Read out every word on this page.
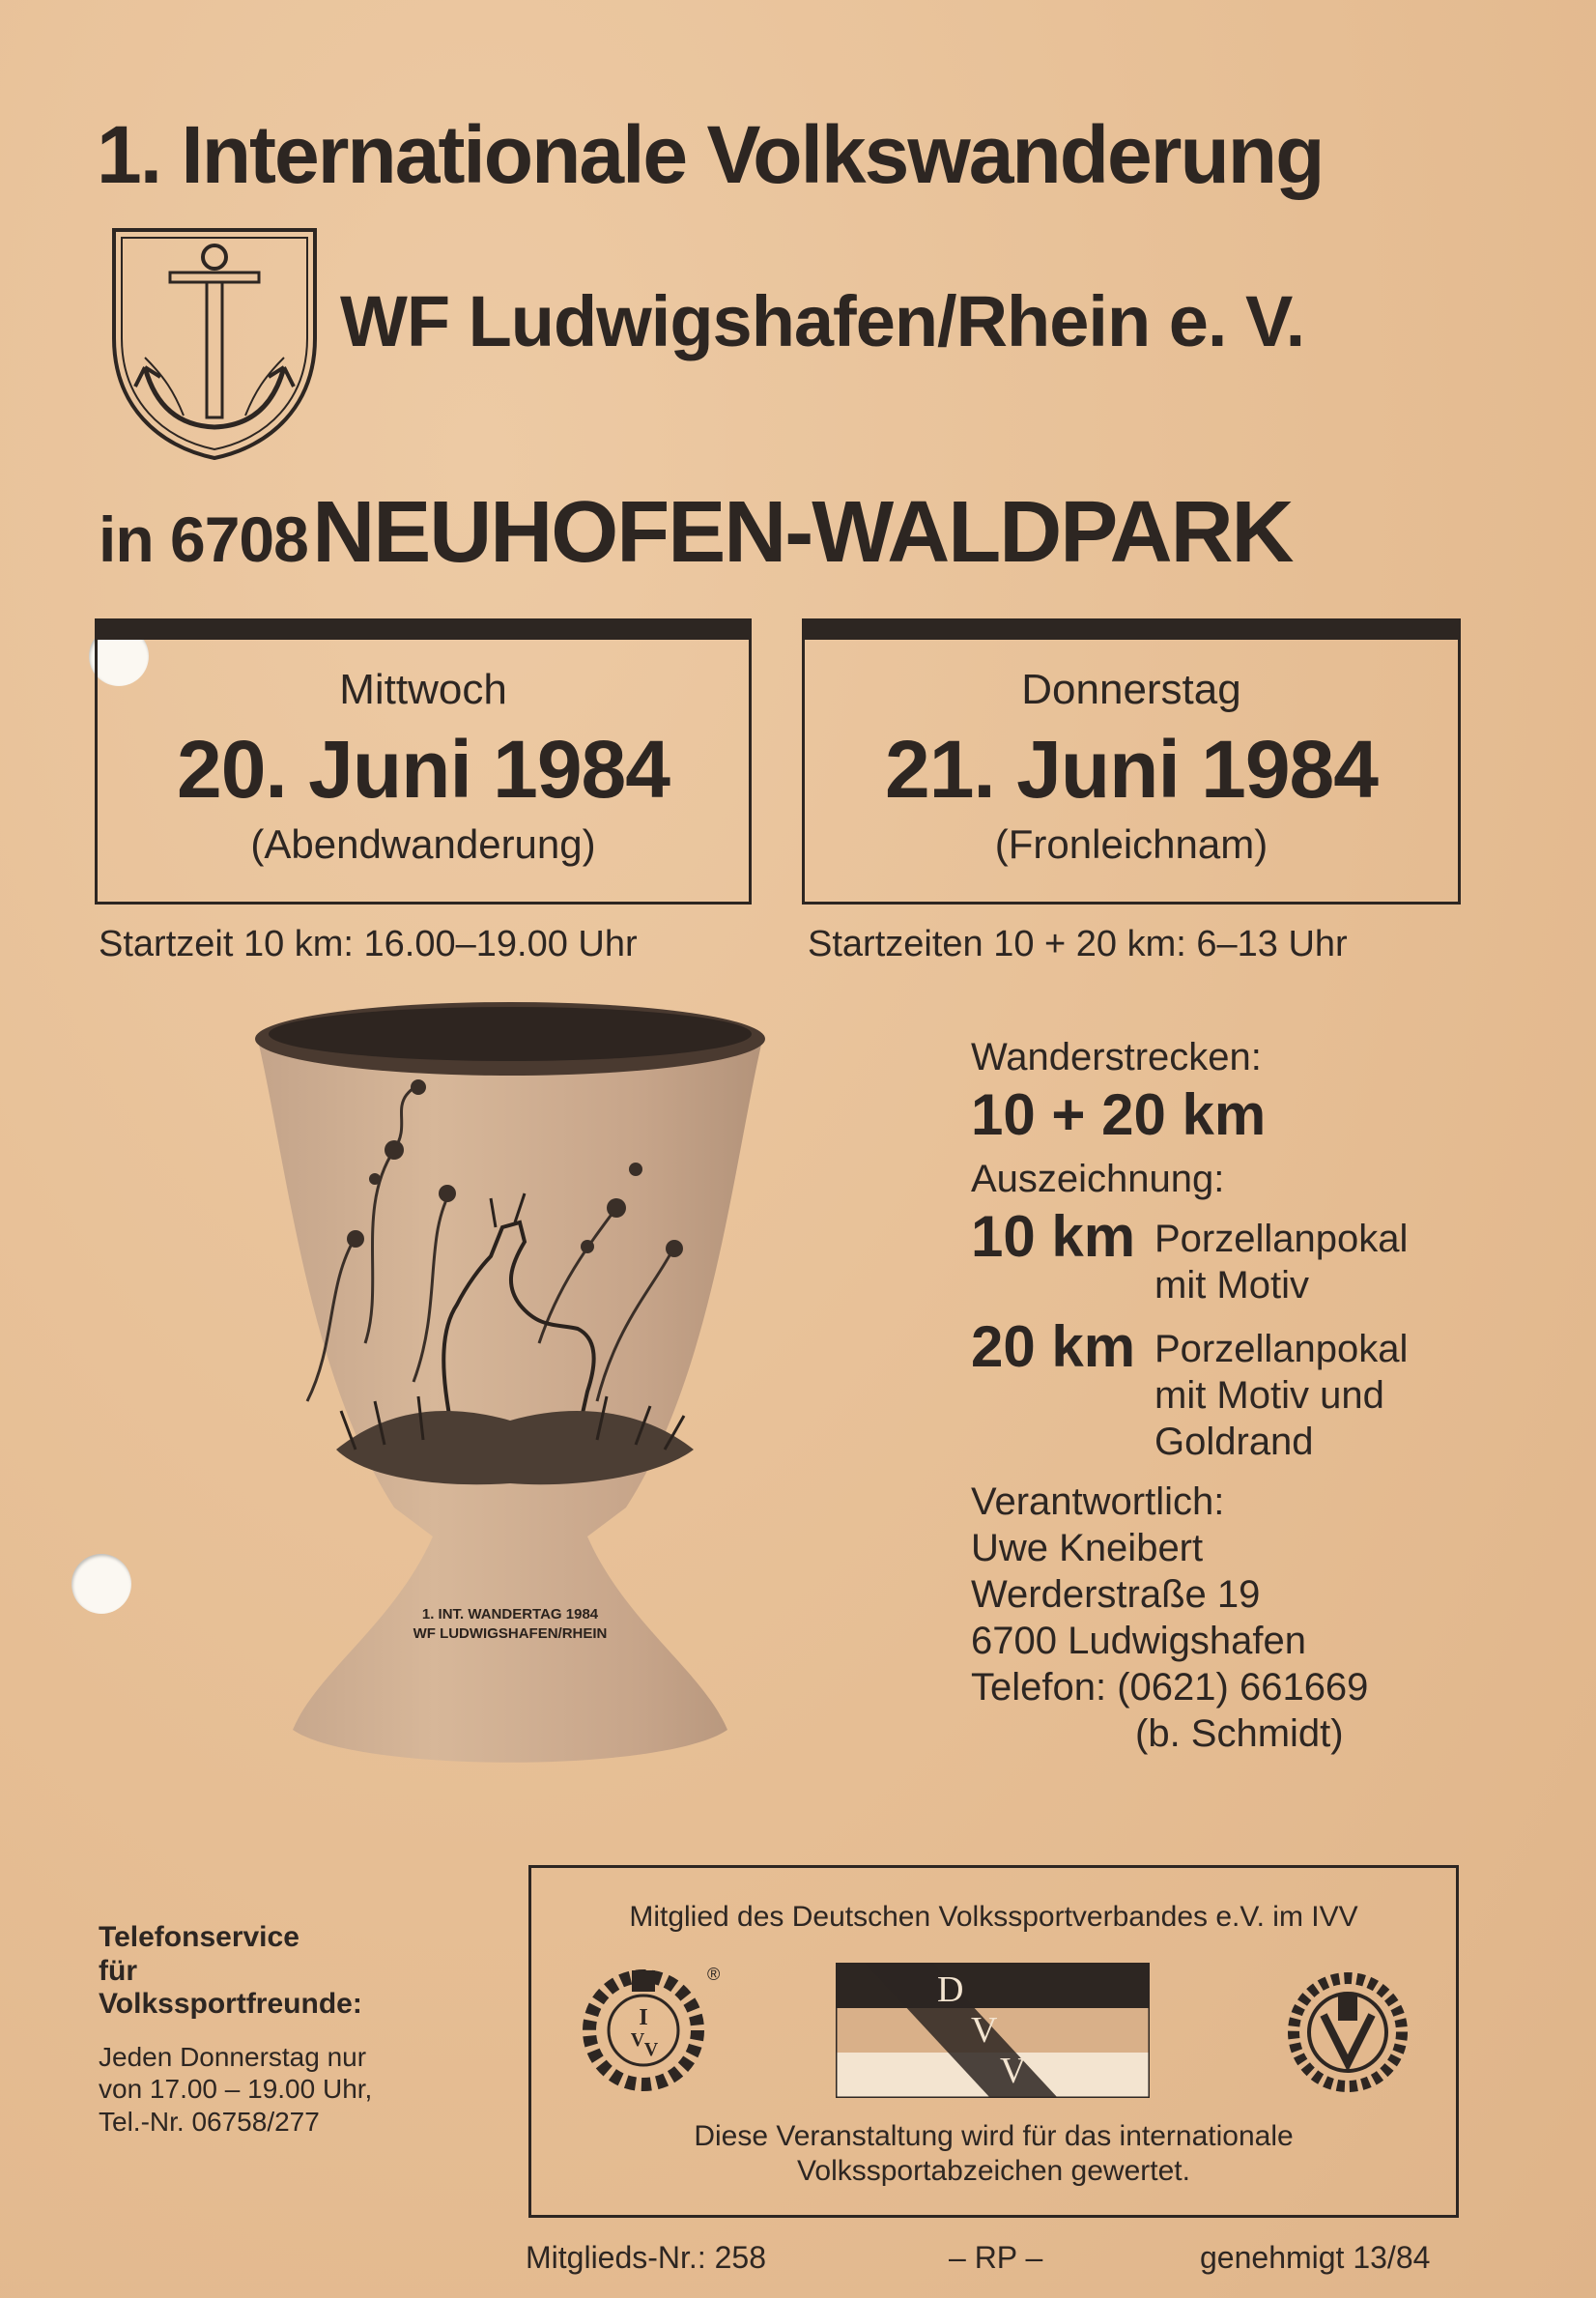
1. Internationale Volkswanderung
WF Ludwigshafen/Rhein e. V.
in 6708 NEUHOFEN-WALDPARK
Mittwoch
20. Juni 1984
(Abendwanderung)
Donnerstag
21. Juni 1984
(Fronleichnam)
Startzeit 10 km: 16.00–19.00 Uhr	Startzeiten 10 + 20 km: 6–13 Uhr
1. INT. WANDERTAG 1984
WF LUDWIGSHAFEN/RHEIN
Wanderstrecken:
10 + 20 km
Auszeichnung:
10 km Porzellanpokal
mit Motiv
20 km Porzellanpokal
mit Motiv und
Goldrand
Verantwortlich:
Uwe Kneibert
Werderstraße 19
6700 Ludwigshafen
Telefon: (0621) 661669
(b. Schmidt)
Telefonservice
für
Volkssportfreunde:
Jeden Donnerstag nur
von 17.00 – 19.00 Uhr,
Tel.-Nr. 06758/277
Mitglied des Deutschen Volkssportverbandes e.V. im IVV
I
V V
®	D
V
V
Diese Veranstaltung wird für das internationale
Volkssportabzeichen gewertet.
Mitglieds-Nr.: 258	– RP –	genehmigt 13/84
